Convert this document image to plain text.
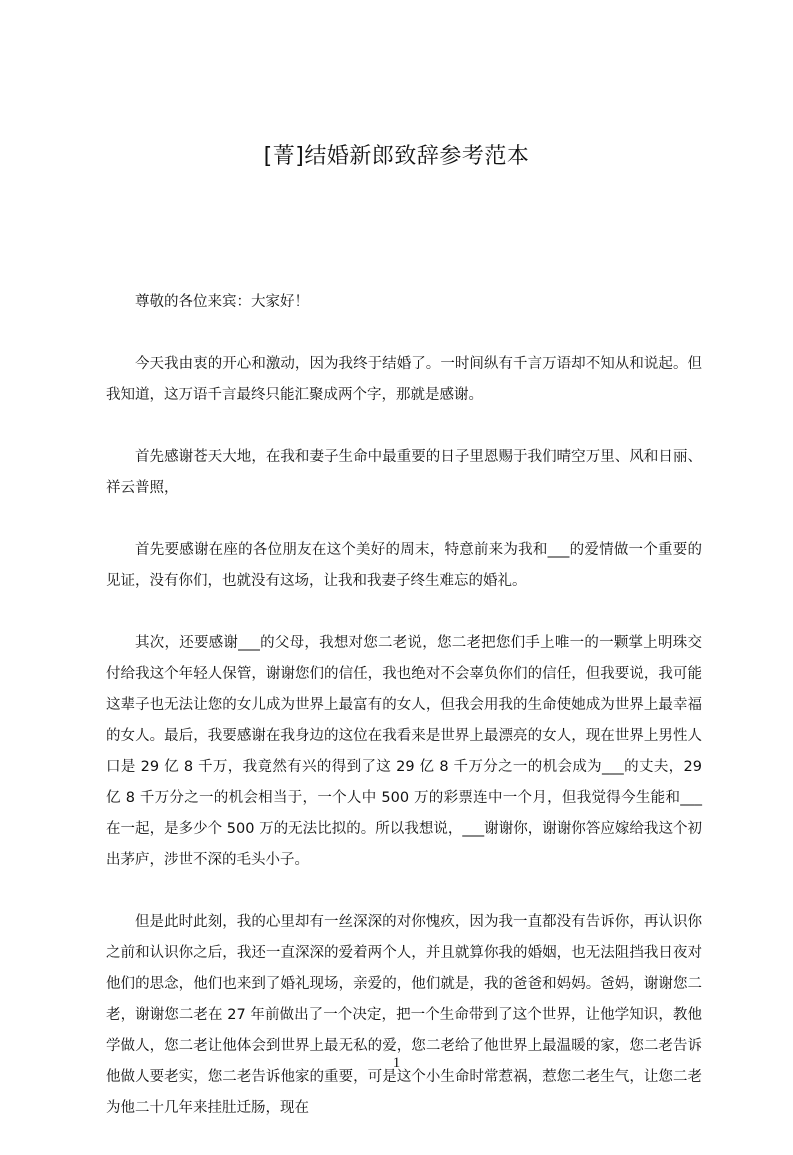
[菁]结婚新郎致辞参考范本

尊敬的各位来宾：大家好！

今天我由衷的开心和激动，因为我终于结婚了。一时间纵有千言万语却不知从和说起。但我知道，这万语千言最终只能汇聚成两个字，那就是感谢。

首先感谢苍天大地，在我和妻子生命中最重要的日子里恩赐于我们晴空万里、风和日丽、祥云普照，

首先要感谢在座的各位朋友在这个美好的周末，特意前来为我和___的爱情做一个重要的见证，没有你们，也就没有这场，让我和我妻子终生难忘的婚礼。

其次，还要感谢___的父母，我想对您二老说，您二老把您们手上唯一的一颗掌上明珠交付给我这个年轻人保管，谢谢您们的信任，我也绝对不会辜负你们的信任，但我要说，我可能这辈子也无法让您的女儿成为世界上最富有的女人，但我会用我的生命使她成为世界上最幸福的女人。最后，我要感谢在我身边的这位在我看来是世界上最漂亮的女人，现在世界上男性人口是 29 亿 8 千万，我竟然有兴的得到了这 29 亿 8 千万分之一的机会成为___的丈夫，29 亿 8 千万分之一的机会相当于，一个人中 500 万的彩票连中一个月，但我觉得今生能和___在一起，是多少个 500 万的无法比拟的。所以我想说，___谢谢你，谢谢你答应嫁给我这个初出茅庐，涉世不深的毛头小子。

但是此时此刻，我的心里却有一丝深深的对你愧疚，因为我一直都没有告诉你，再认识你之前和认识你之后，我还一直深深的爱着两个人，并且就算你我的婚姻，也无法阻挡我日夜对他们的思念，他们也来到了婚礼现场，亲爱的，他们就是，我的爸爸和妈妈。爸妈，谢谢您二老，谢谢您二老在 27 年前做出了一个决定，把一个生命带到了这个世界，让他学知识，教他学做人，您二老让他体会到世界上最无私的爱，您二老给了他世界上最温暖的家，您二老告诉他做人要老实，您二老告诉他家的重要，可是这个小生命时常惹祸，惹您二老生气，让您二老为他二十几年来挂肚迁肠，现在

1
